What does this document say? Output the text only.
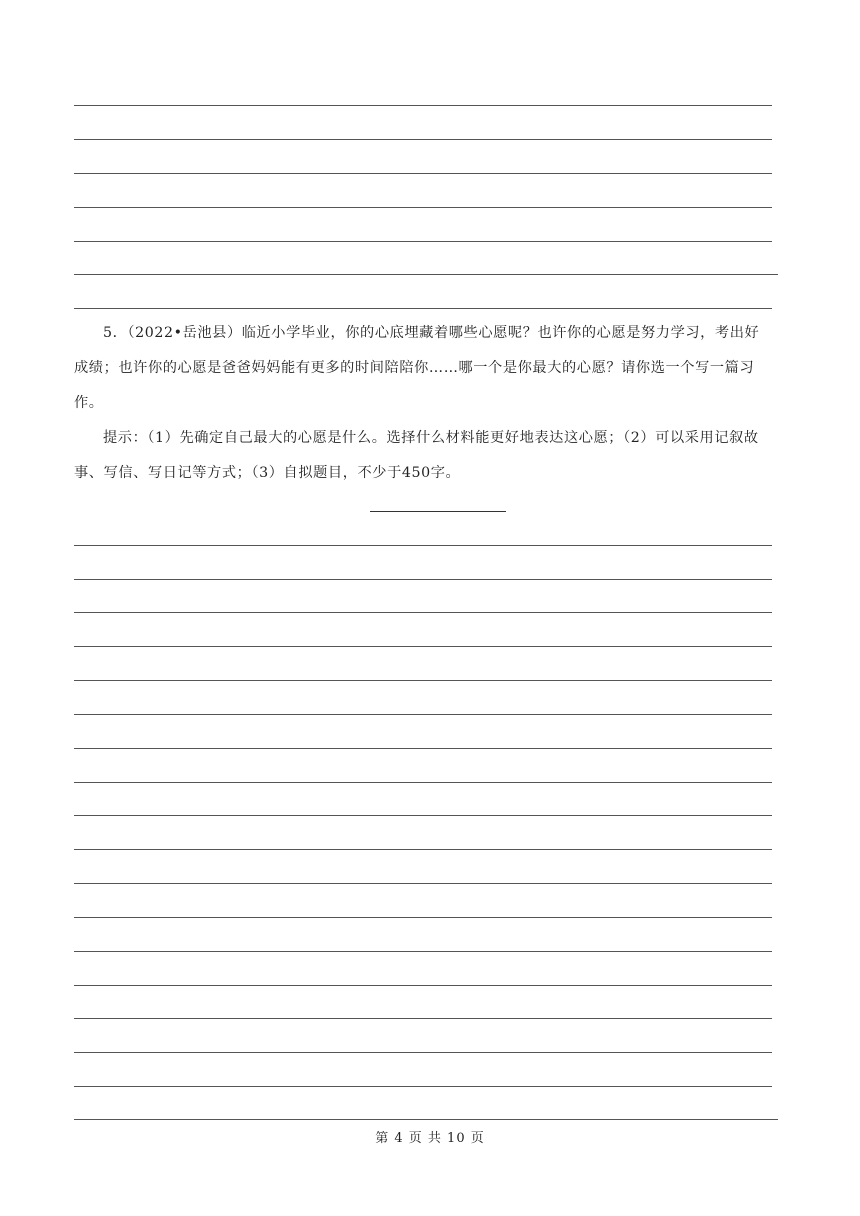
5．（2022•岳池县）临近小学毕业，你的心底埋藏着哪些心愿呢？也许你的心愿是努力学习，考出好成绩；也许你的心愿是爸爸妈妈能有更多的时间陪陪你……哪一个是你最大的心愿？请你选一个写一篇习作。

提示：（1）先确定自己最大的心愿是什么。选择什么材料能更好地表达这心愿；（2）可以采用记叙故事、写信、写日记等方式；（3）自拟题目，不少于450字。

第 4 页 共 10 页
